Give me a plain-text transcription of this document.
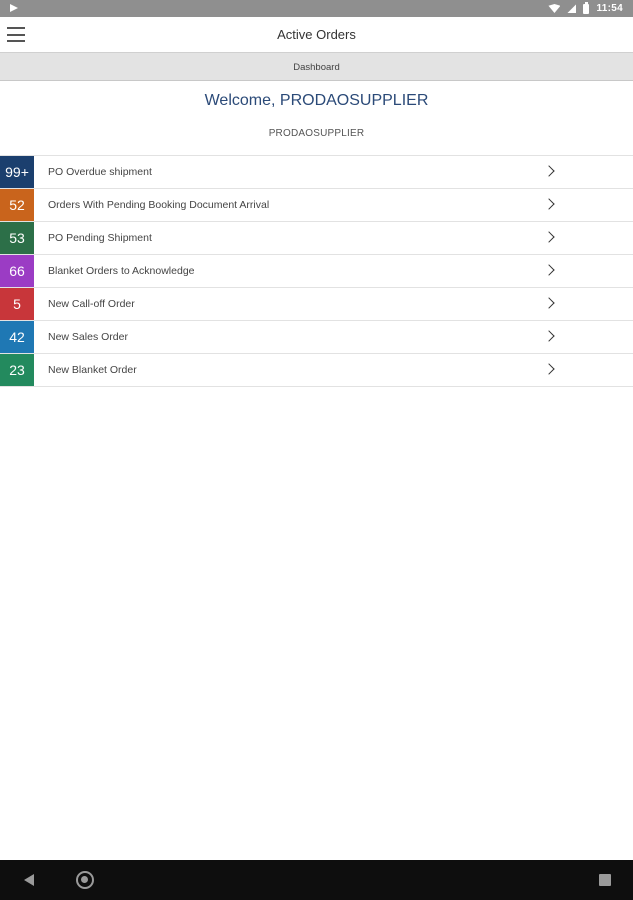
11:54
Active Orders
Dashboard
Welcome, PRODAOSUPPLIER
PRODAOSUPPLIER
99+	PO Overdue shipment
52	Orders With Pending Booking Document Arrival
53	PO Pending Shipment
66	Blanket Orders to Acknowledge
5	New Call-off Order
42	New Sales Order
23	New Blanket Order
